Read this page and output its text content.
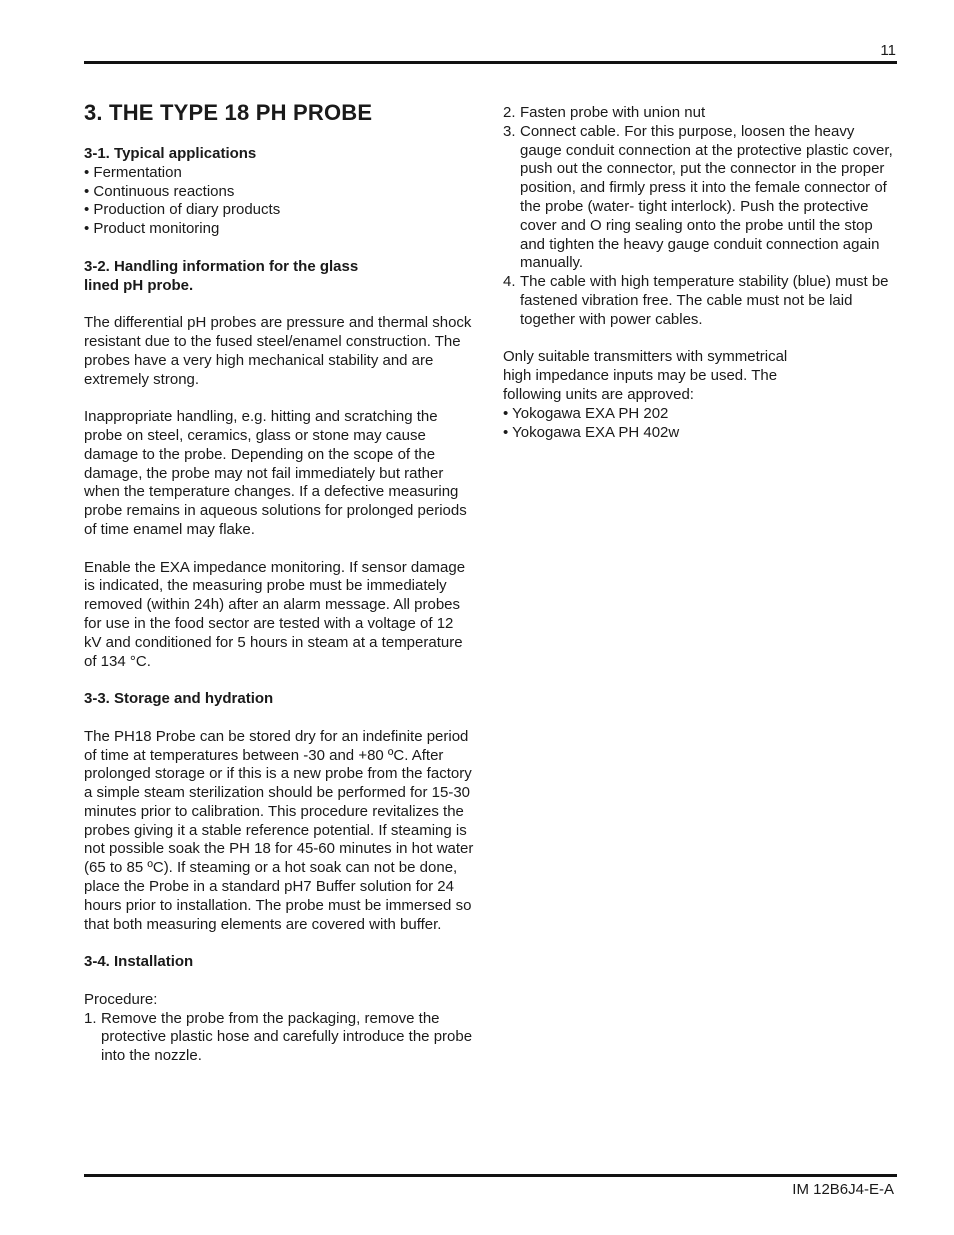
11
3. THE TYPE 18 PH PROBE
3-1. Typical applications
• Fermentation
• Continuous reactions
• Production of diary products
• Product monitoring
3-2. Handling information for the glass
lined pH probe.

The differential pH probes are pressure and thermal shock resistant due to the fused steel/enamel construction. The probes have a very high mechanical stability and are extremely strong.

Inappropriate handling, e.g. hitting and scratching the probe on steel, ceramics, glass or stone may cause damage to the probe. Depending on the scope of the damage, the probe may not fail immediately but rather when the temperature changes. If a defective measuring probe remains in aqueous solutions for prolonged periods of time enamel may flake.

Enable the EXA impedance monitoring. If sensor damage is indicated, the measuring probe must be immediately removed (within 24h) after an alarm message. All probes for use in the food sector are tested with a voltage of 12 kV and conditioned for 5 hours in steam at a temperature of 134 °C.

3-3. Storage and hydration

The PH18 Probe can be stored dry for an indefinite period of time at temperatures between -30 and +80 ºC. After prolonged storage or if this is a new probe from the factory a simple steam sterilization should be performed for 15-30 minutes prior to calibration. This procedure revitalizes the probes giving it a stable reference potential. If steaming is not possible soak the PH 18 for 45-60 minutes in hot water (65 to 85 ºC). If steaming or a hot soak can not be done, place the Probe in a standard pH7 Buffer solution for 24 hours prior to installation. The probe must be immersed so that both measuring elements are covered with buffer.

3-4. Installation

Procedure:

1. Remove the probe from the packaging, remove the protective plastic hose and carefully introduce the probe into the nozzle.
2. Fasten probe with union nut
3. Connect cable. For this purpose, loosen the heavy gauge conduit connection at the protective plastic cover, push out the connector, put the connector in the proper position, and firmly press it into the female connector of the probe (water- tight interlock). Push the protective cover and O ring sealing onto the probe until the stop and tighten the heavy gauge conduit connection again manually.
4. The cable with high temperature stability (blue) must be fastened vibration free. The cable must not be laid together with power cables.

Only suitable transmitters with symmetrical high impedance inputs may be used. The following units are approved:

• Yokogawa EXA PH 202
• Yokogawa EXA PH 402w
IM 12B6J4-E-A
